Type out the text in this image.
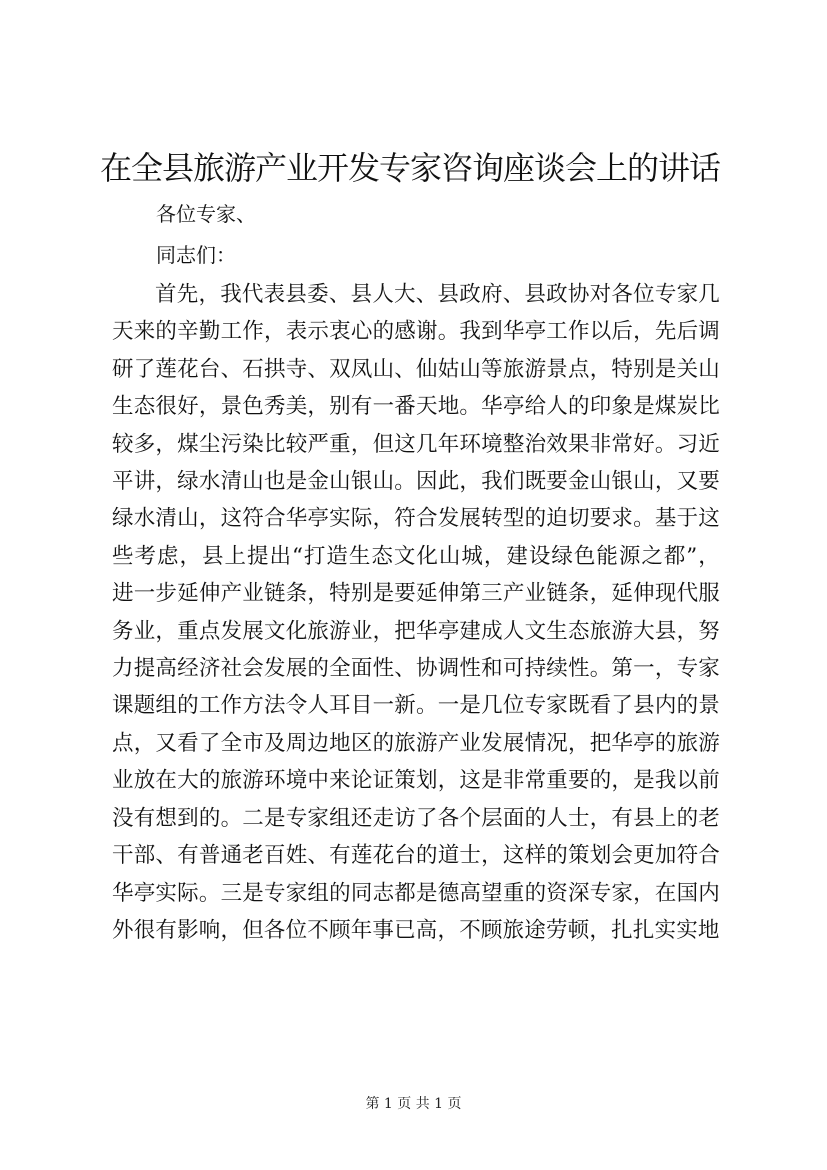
在全县旅游产业开发专家咨询座谈会上的讲话

各位专家、

同志们：

首先，我代表县委、县人大、县政府、县政协对各位专家几天来的辛勤工作，表示衷心的感谢。我到华亭工作以后，先后调研了莲花台、石拱寺、双凤山、仙姑山等旅游景点，特别是关山生态很好，景色秀美，别有一番天地。华亭给人的印象是煤炭比较多，煤尘污染比较严重，但这几年环境整治效果非常好。习近平讲，绿水清山也是金山银山。因此，我们既要金山银山，又要绿水清山，这符合华亭实际，符合发展转型的迫切要求。基于这些考虑，县上提出“打造生态文化山城，建设绿色能源之都”，进一步延伸产业链条，特别是要延伸第三产业链条，延伸现代服务业，重点发展文化旅游业，把华亭建成人文生态旅游大县，努力提高经济社会发展的全面性、协调性和可持续性。第一，专家课题组的工作方法令人耳目一新。一是几位专家既看了县内的景点，又看了全市及周边地区的旅游产业发展情况，把华亭的旅游业放在大的旅游环境中来论证策划，这是非常重要的，是我以前没有想到的。二是专家组还走访了各个层面的人士，有县上的老干部、有普通老百姓、有莲花台的道士，这样的策划会更加符合华亭实际。三是专家组的同志都是德高望重的资深专家，在国内外很有影响，但各位不顾年事已高，不顾旅途劳顿，扎扎实实地

第 1 页 共 1 页
